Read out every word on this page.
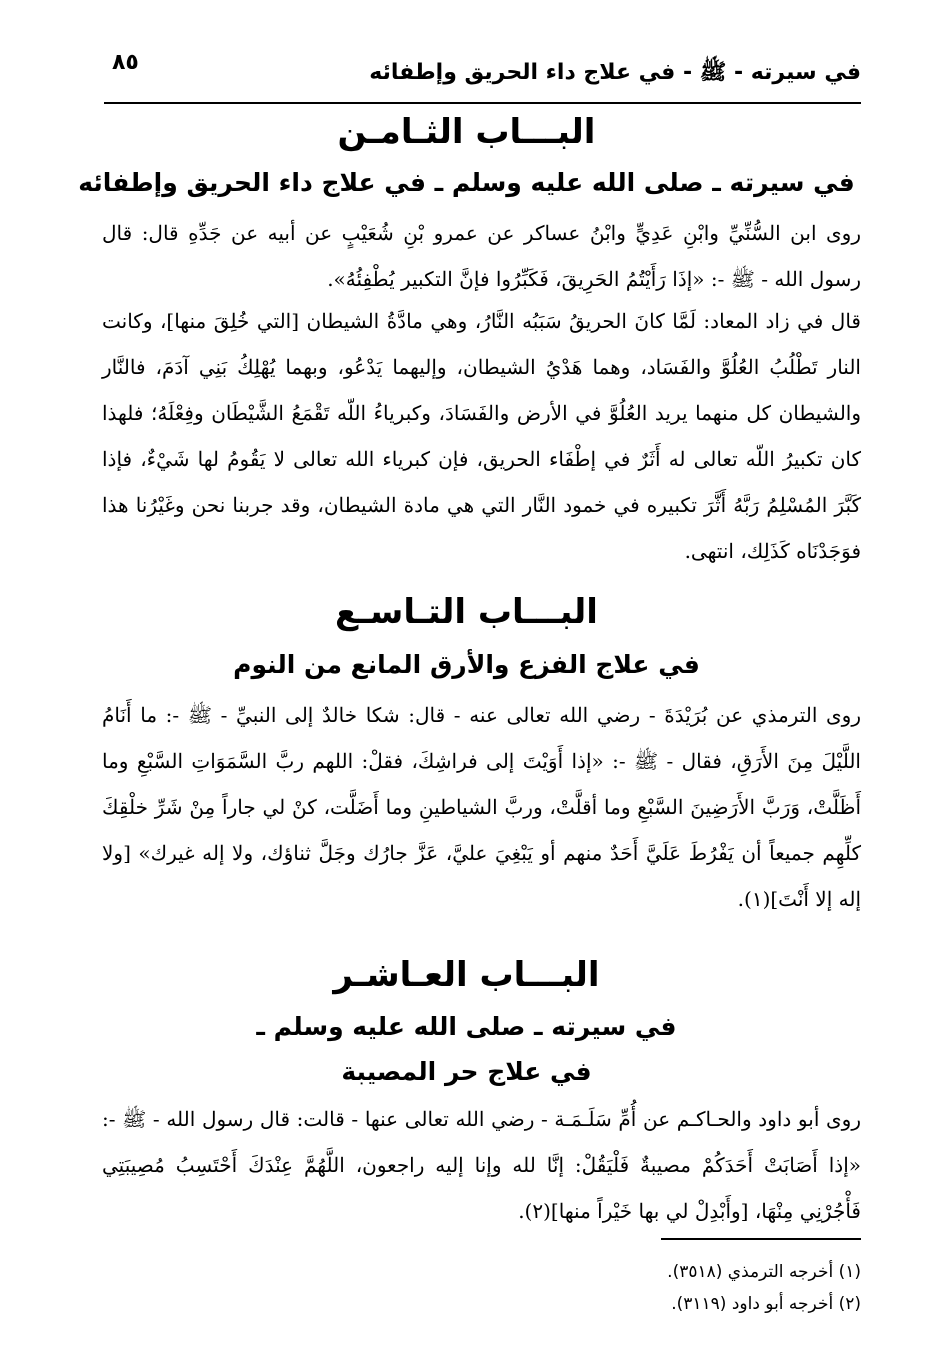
في سيرته - ﷺ - في علاج داء الحريق وإطفائه
٨٥
البـــاب الثـامـن
في سيرته ـ صلى الله عليه وسلم ـ في علاج داء الحريق وإطفائه

روى ابن السُّنِّيِّ وابْنِ عَدِيٍّ وابْنُ عساكر عن عمرو بْنِ شُعَيْبٍ عن أبيه عن جَدِّهِ قال: قال رسول الله - ﷺ -: «إذَا رَأَيْتُمُ الحَرِيقَ، فَكَبِّرُوا فإنَّ التكبير يُطْفِئُهُ».

قال في زاد المعاد: لَمَّا كانَ الحريقُ سَبَبُه النَّارُ، وهي مادَّةُ الشيطان [التي خُلِقَ منها]، وكانت النار تَطْلُبُ العُلُوَّ والفَسَاد، وهما هَدْيُ الشيطان، وإليهما يَدْعُو، وبهما يُهْلِكُ بَنِي آدَمَ، فالنَّار والشيطان كل منهما يريد العُلُوَّ في الأرض والفَسَادَ، وكبرياءُ اللّه تَقْمَعُ الشَّيْطَان وفِعْلَهُ؛ فلهذا كان تكبيرُ اللّه تعالى له أَثَرٌ في إطْفَاء الحريق، فإن كبرياء الله تعالى لا يَقُومُ لها شَيْءٌ، فإذا كَبَّرَ المُسْلِمُ رَبَّهُ أَثَّرَ تكبيره في خمود النَّار التي هي مادة الشيطان، وقد جربنا نحن وغَيْرُنا هذا فوَجَدْنَاه كَذَلِك، انتهى.

البـــاب التـاسـع
في علاج الفزع والأرق المانع من النوم

روى الترمذي عن بُرَيْدَةَ - رضي الله تعالى عنه - قال: شكا خالدٌ إلى النبيِّ - ﷺ -: ما أَنَامُ اللَّيْلَ مِنَ الأَرَقِ، فقال - ﷺ -: «إذا أَوَيْتَ إلى فراشِكَ، فقلْ: اللهم ربَّ السَّمَوَاتِ السَّبْعِ وما أَظَلَّتْ، وَرَبَّ الأَرَضِينَ السَّبْعِ وما أقلَّتْ، وربَّ الشياطينِ وما أَضَلَّت، كنْ لي جاراً مِنْ شَرِّ خلْقِكَ كلِّهِم جميعاً أن يَفْرُطَ عَلَيَّ أَحَدٌ منهم أو يَبْغِيَ عليَّ، عَزَّ جارُك وجَلَّ ثناؤك، ولا إله غيرك» [ولا إله إلا أَنْتَ](١).

البـــاب العـاشـر
في سيرته ـ صلى الله عليه وسلم ـ
في علاج حر المصيبة

روى أبو داود والحـاكـم عن أُمِّ سَلَـمَـة - رضي الله تعالى عنها - قالت: قال رسول الله - ﷺ -: «إذا أَصَابَتْ أَحَدَكُمْ مصيبةٌ فَلْيَقُلْ: إنَّا لله وإنا إليه راجعون، اللَّهُمَّ عِنْدَكَ أَحْتَسِبُ مُصِيبَتِي فَأْجُرْنِي مِنْهَا، [وأَبْدِلْ لي بها خَيْراً منها](٢).

(١) أخرجه الترمذي (٣٥١٨).
(٢) أخرجه أبو داود (٣١١٩).
